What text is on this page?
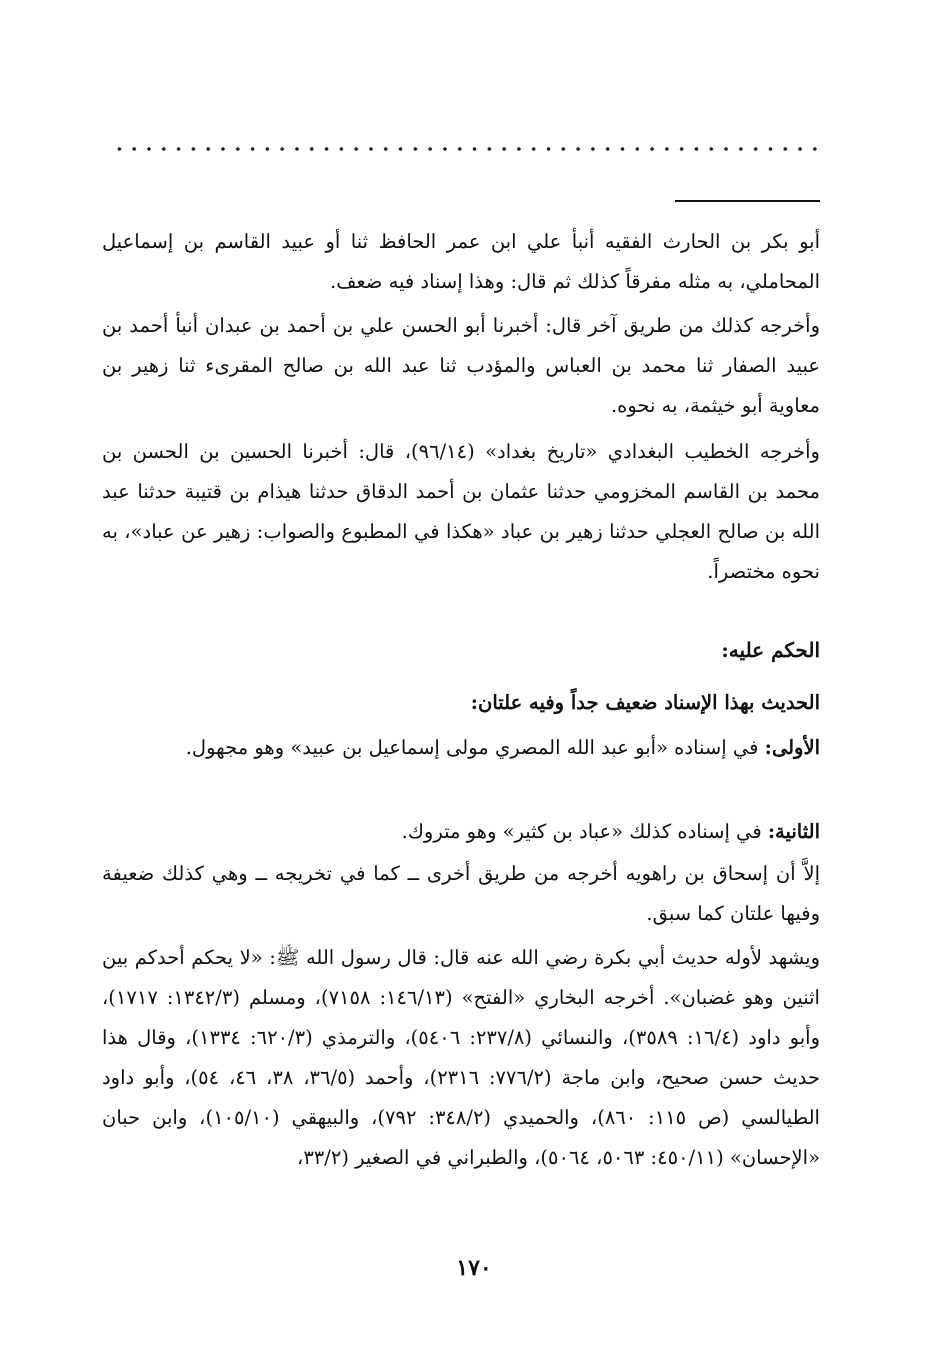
أبو بكر بن الحارث الفقيه أنبأ علي ابن عمر الحافظ ثنا أو عبيد القاسم بن إسماعيل المحاملي، به مثله مفرقاً كذلك ثم قال: وهذا إسناد فيه ضعف.

وأخرجه كذلك من طريق آخر قال: أخبرنا أبو الحسن علي بن أحمد بن عبدان أنبأ أحمد بن عبيد الصفار ثنا محمد بن العباس والمؤدب ثنا عبد الله بن صالح المقرىء ثنا زهير بن معاوية أبو خيثمة، به نحوه.

وأخرجه الخطيب البغدادي «تاريخ بغداد» (٩٦/١٤)، قال: أخبرنا الحسين بن الحسن بن محمد بن القاسم المخزومي حدثنا عثمان بن أحمد الدقاق حدثنا هيذام بن قتيبة حدثنا عبد الله بن صالح العجلي حدثنا زهير بن عباد «هكذا في المطبوع والصواب: زهير عن عباد»، به نحوه مختصراً.

الحكم عليه:

الحديث بهذا الإسناد ضعيف جداً وفيه علتان:

الأولى: في إسناده «أبو عبد الله المصري مولى إسماعيل بن عبيد» وهو مجهول.

الثانية: في إسناده كذلك «عباد بن كثير» وهو متروك.

إلاَّ أن إسحاق بن راهويه أخرجه من طريق أخرى ــ كما في تخريجه ــ وهي كذلك ضعيفة وفيها علتان كما سبق.

ويشهد لأوله حديث أبي بكرة رضي الله عنه قال: قال رسول الله ﷺ: «لا يحكم أحدكم بين اثنين وهو غضبان». أخرجه البخاري «الفتح» (١٤٦/١٣: ٧١٥٨)، ومسلم (١٣٤٢/٣: ١٧١٧)، وأبو داود (١٦/٤: ٣٥٨٩)، والنسائي (٢٣٧/٨: ٥٤٠٦)، والترمذي (٦٢٠/٣: ١٣٣٤)، وقال هذا حديث حسن صحيح، وابن ماجة (٧٧٦/٢: ٢٣١٦)، وأحمد (٣٦/٥، ٣٨، ٤٦، ٥٤)، وأبو داود الطيالسي (ص ١١٥: ٨٦٠)، والحميدي (٣٤٨/٢: ٧٩٢)، والبيهقي (١٠٥/١٠)، وابن حبان «الإحسان» (٤٥٠/١١: ٥٠٦٣، ٥٠٦٤)، والطبراني في الصغير (٣٣/٢،

١٧٠
